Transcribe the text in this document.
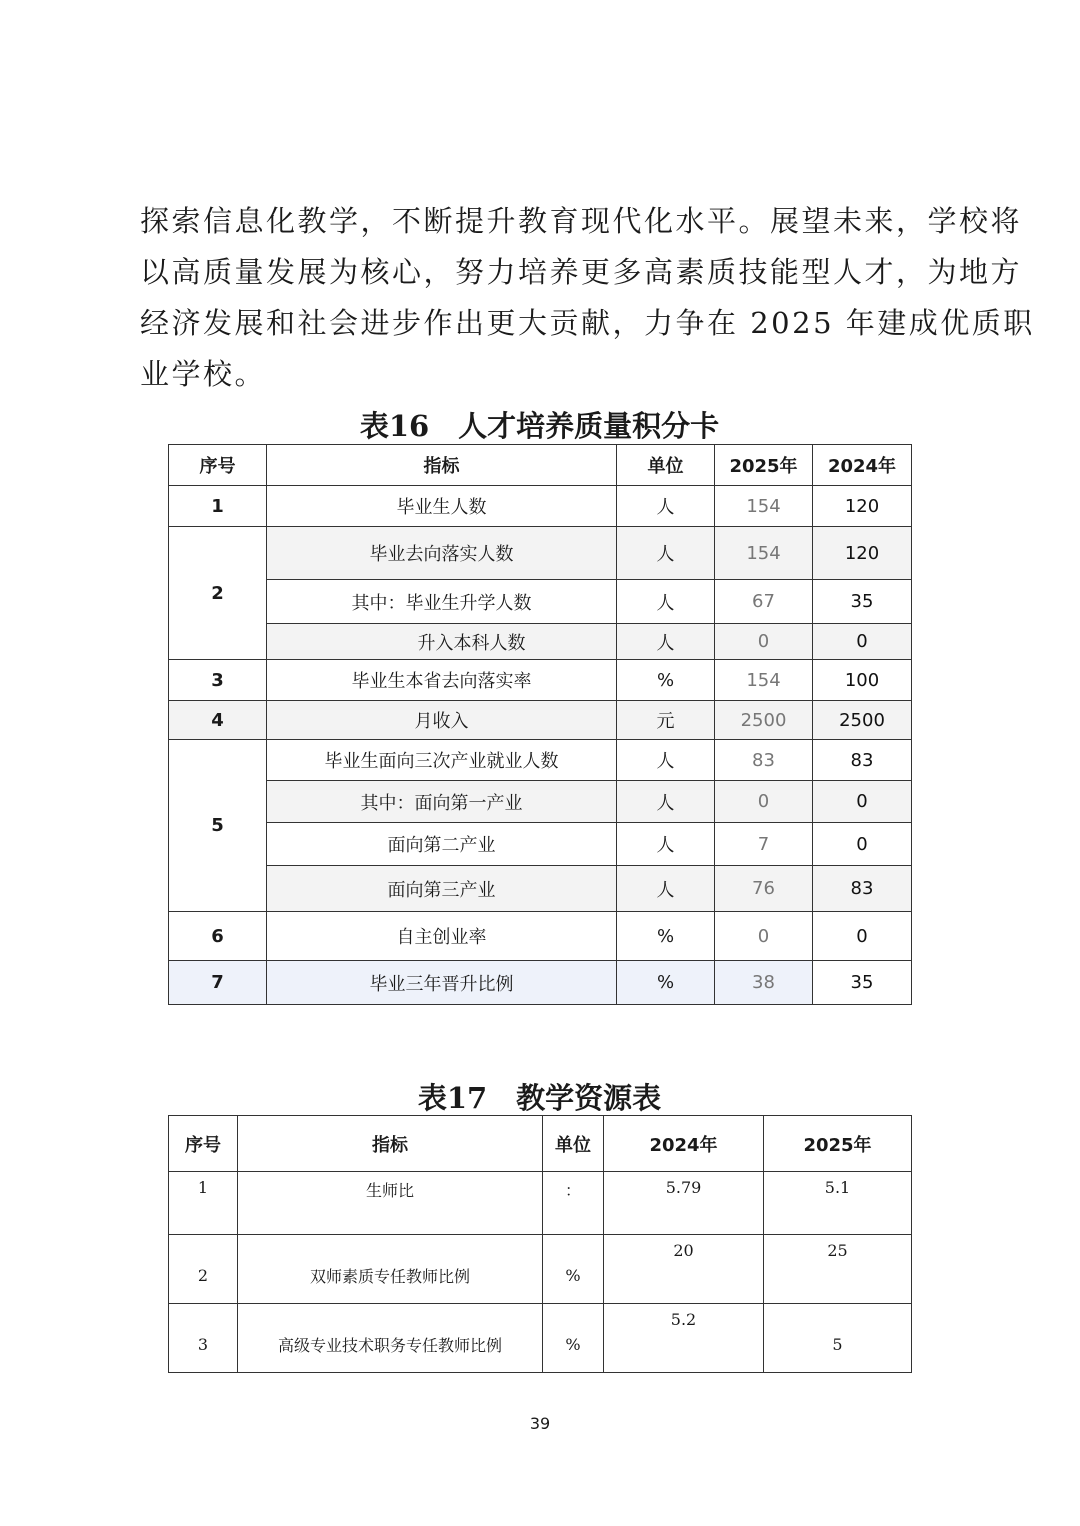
探索信息化教学，不断提升教育现代化水平。展望未来，学校将
以高质量发展为核心，努力培养更多高素质技能型人才，为地方
经济发展和社会进步作出更大贡献，力争在 2025 年建成优质职
业学校。

表16　人才培养质量积分卡
序号	指标	单位	2025年	2024年
1	毕业生人数	人	154	120
2	毕业去向落实人数	人	154	120
	其中：毕业生升学人数	人	67	35
	升入本科人数	人	0	0
3	毕业生本省去向落实率	%	154	100
4	月收入	元	2500	2500
5	毕业生面向三次产业就业人数	人	83	83
	其中：面向第一产业	人	0	0
	面向第二产业	人	7	0
	面向第三产业	人	76	83
6	自主创业率	%	0	0
7	毕业三年晋升比例	%	38	35
表17　教学资源表
序号	指标	单位	2024年	2025年
1	生师比	：	5.79	5.1
2	双师素质专任教师比例	%	20	25
3	高级专业技术职务专任教师比例	%	5.2	5
39
